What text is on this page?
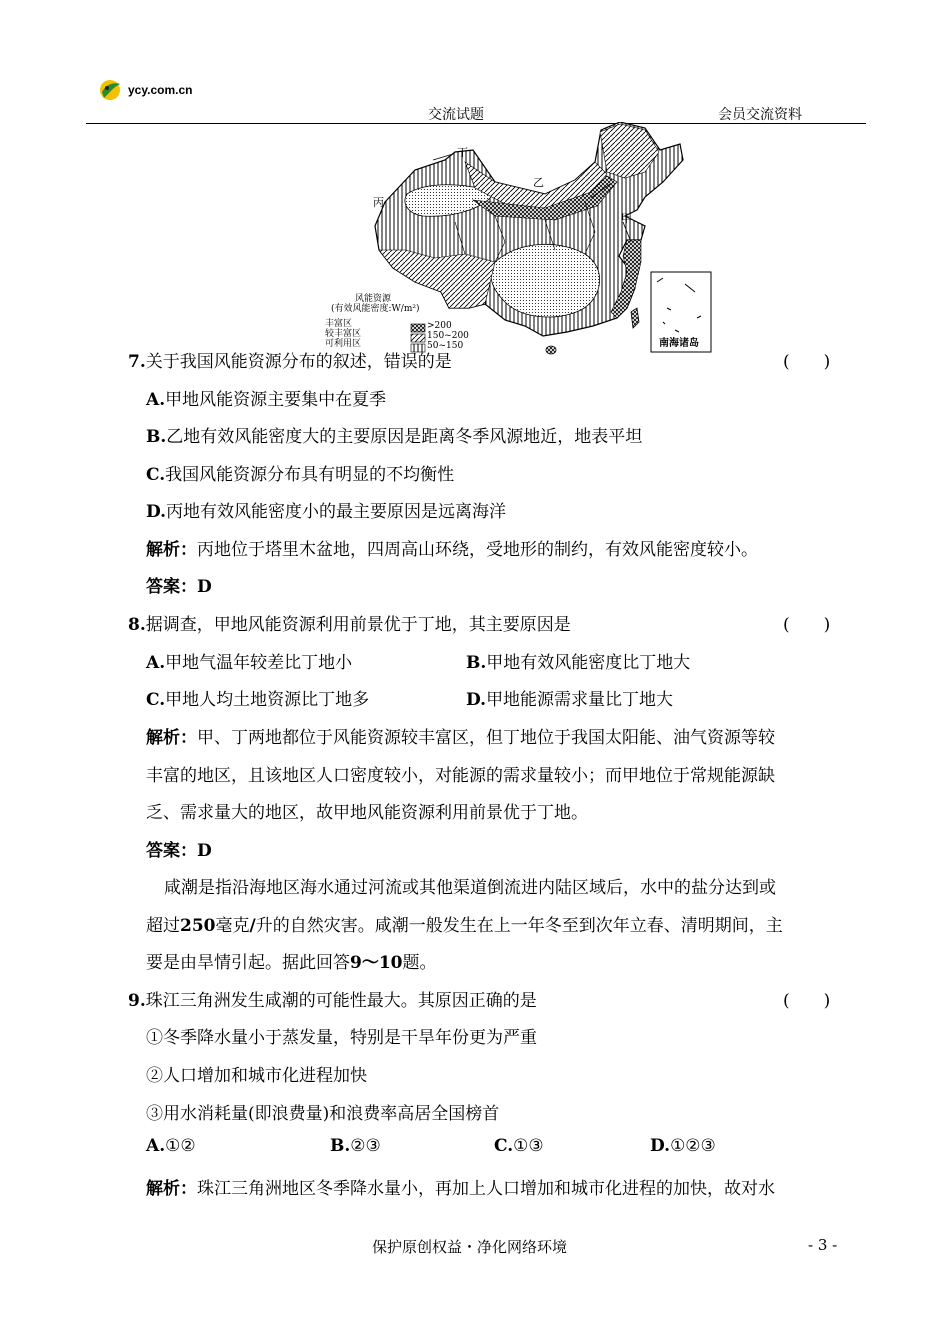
ycy.com.cn
交流试题	会员交流资料
丁
乙
丙
甲
南海诸岛
风能资源
(有效风能密度:W/m²)
丰富区	>200
较丰富区	150~200
可利用区	50~150
7.关于我国风能资源分布的叙述，错误的是	(　　)
A.甲地风能资源主要集中在夏季
B.乙地有效风能密度大的主要原因是距离冬季风源地近，地表平坦
C.我国风能资源分布具有明显的不均衡性
D.丙地有效风能密度小的最主要原因是远离海洋
解析：丙地位于塔里木盆地，四周高山环绕，受地形的制约，有效风能密度较小。
答案：D
8.据调查，甲地风能资源利用前景优于丁地，其主要原因是	(　　)
A.甲地气温年较差比丁地小	B.甲地有效风能密度比丁地大
C.甲地人均土地资源比丁地多	D.甲地能源需求量比丁地大
解析：甲、丁两地都位于风能资源较丰富区，但丁地位于我国太阳能、油气资源等较
丰富的地区，且该地区人口密度较小，对能源的需求量较小；而甲地位于常规能源缺
乏、需求量大的地区，故甲地风能资源利用前景优于丁地。
答案：D
咸潮是指沿海地区海水通过河流或其他渠道倒流进内陆区域后，水中的盐分达到或
超过250毫克/升的自然灾害。咸潮一般发生在上一年冬至到次年立春、清明期间，主
要是由旱情引起。据此回答9～10题。
9.珠江三角洲发生咸潮的可能性最大。其原因正确的是	(　　)
①冬季降水量小于蒸发量，特别是干旱年份更为严重
②人口增加和城市化进程加快
③用水消耗量(即浪费量)和浪费率高居全国榜首
A.①②	B.②③	C.①③	D.①②③
解析：珠江三角洲地区冬季降水量小，再加上人口增加和城市化进程的加快，故对水
保护原创权益・净化网络环境	- 3 -
